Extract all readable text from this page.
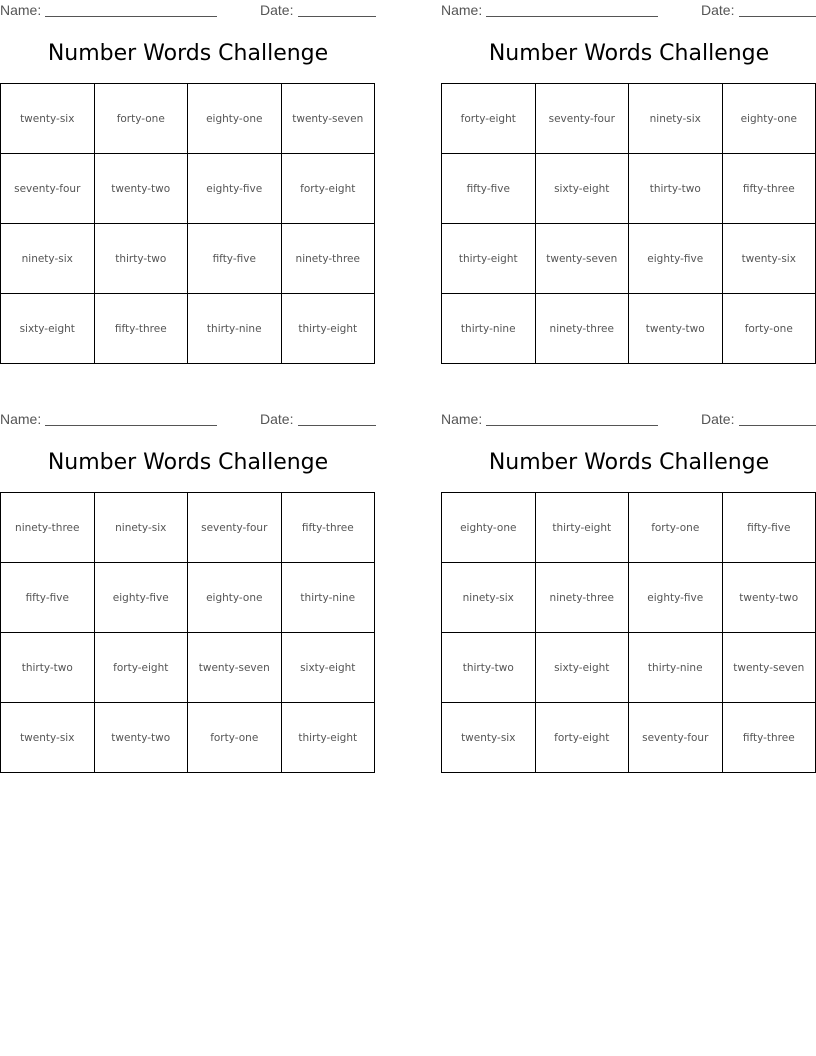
Name:	Date:
Number Words Challenge
twenty-six	forty-one	eighty-one	twenty-seven
seventy-four	twenty-two	eighty-five	forty-eight
ninety-six	thirty-two	fifty-five	ninety-three
sixty-eight	fifty-three	thirty-nine	thirty-eight
Name:	Date:
Number Words Challenge
forty-eight	seventy-four	ninety-six	eighty-one
fifty-five	sixty-eight	thirty-two	fifty-three
thirty-eight	twenty-seven	eighty-five	twenty-six
thirty-nine	ninety-three	twenty-two	forty-one
Name:	Date:
Number Words Challenge
ninety-three	ninety-six	seventy-four	fifty-three
fifty-five	eighty-five	eighty-one	thirty-nine
thirty-two	forty-eight	twenty-seven	sixty-eight
twenty-six	twenty-two	forty-one	thirty-eight
Name:	Date:
Number Words Challenge
eighty-one	thirty-eight	forty-one	fifty-five
ninety-six	ninety-three	eighty-five	twenty-two
thirty-two	sixty-eight	thirty-nine	twenty-seven
twenty-six	forty-eight	seventy-four	fifty-three
